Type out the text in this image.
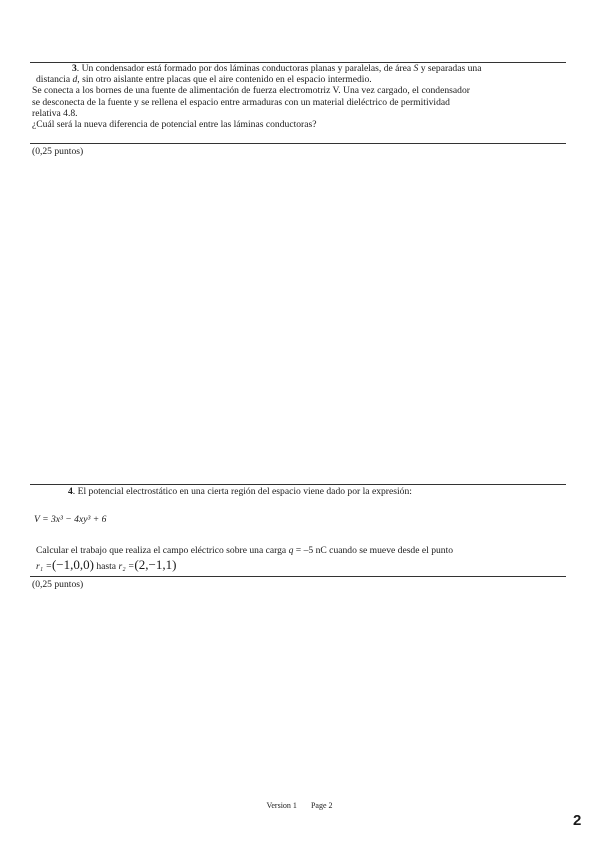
3. Un condensador está formado por dos láminas conductoras planas y paralelas, de área S y separadas una
distancia d, sin otro aislante entre placas que el aire contenido en el espacio intermedio.
Se conecta a los bornes de una fuente de alimentación de fuerza electromotriz V. Una vez cargado, el condensador
se desconecta de la fuente y se rellena el espacio entre armaduras con un material dieléctrico de permitividad
relativa 4.8.
¿Cuál será la nueva diferencia de potencial entre las láminas conductoras?
(0,25 puntos)
4. El potencial electrostático en una cierta región del espacio viene dado por la expresión:
V = 3x³ − 4xy³ + 6
Calcular el trabajo que realiza el campo eléctrico sobre una carga q = –5 nC cuando se mueve desde el punto
r₁ =(−1,0,0) hasta r₂ =(2,−1,1)
(0,25 puntos)
Version 1 Page 2
2
